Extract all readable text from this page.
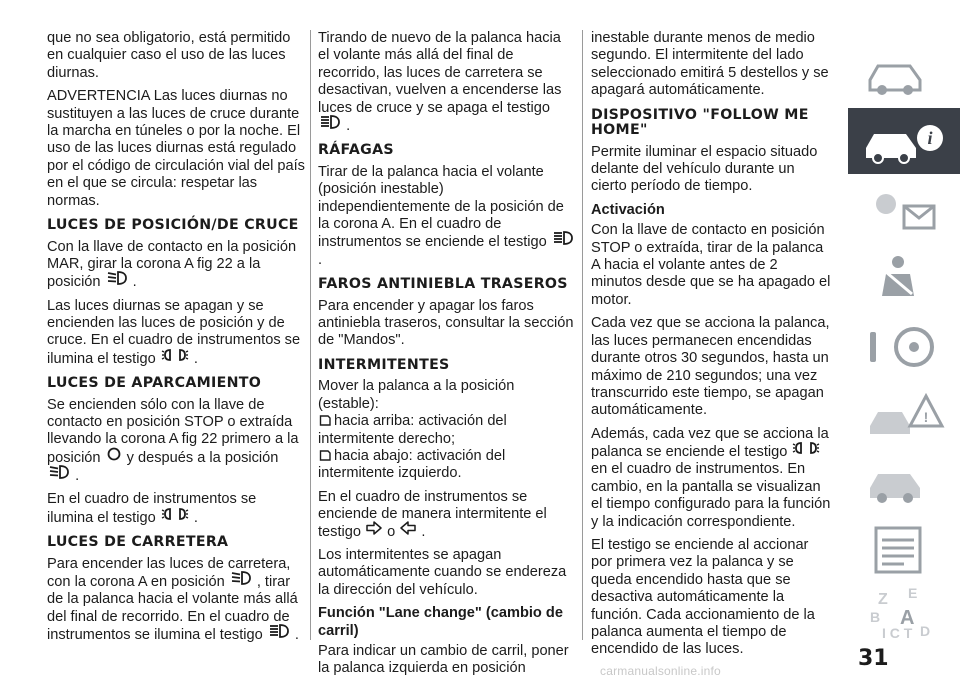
que no sea obligatorio, está permitido en cualquier caso el uso de las luces diurnas.

ADVERTENCIA Las luces diurnas no sustituyen a las luces de cruce durante la marcha en túneles o por la noche. El uso de las luces diurnas está regulado por el código de circulación vial del país en el que se circula: respetar las normas.

LUCES DE POSICIÓN/DE CRUCE

Con la llave de contacto en la posición MAR, girar la corona A fig 22 a la posición .

Las luces diurnas se apagan y se encienden las luces de posición y de cruce. En el cuadro de instrumentos se ilumina el testigo	.

LUCES DE APARCAMIENTO

Se encienden sólo con la llave de contacto en posición STOP o extraída llevando la corona A fig 22 primero a la posición y después a la posición
.

En el cuadro de instrumentos se ilumina el testigo	.

LUCES DE CARRETERA

Para encender las luces de carretera, con la corona A en posición , tirar de la palanca hacia el volante más allá del final de recorrido. En el cuadro de instrumentos se ilumina el testigo .

Tirando de nuevo de la palanca hacia el volante más allá del final de recorrido, las luces de carretera se desactivan, vuelven a encenderse las luces de cruce y se apaga el testigo
.

RÁFAGAS

Tirar de la palanca hacia el volante (posición inestable) independientemente de la posición de la corona A. En el cuadro de instrumentos se enciende el testigo
.

FAROS ANTINIEBLA TRASEROS

Para encender y apagar los faros antiniebla traseros, consultar la sección de "Mandos".

INTERMITENTES

Mover la palanca a la posición (estable):
hacia arriba: activación del intermitente derecho;
hacia abajo: activación del intermitente izquierdo.

En el cuadro de instrumentos se enciende de manera intermitente el testigo o .

Los intermitentes se apagan automáticamente cuando se endereza la dirección del vehículo.

Función "Lane change" (cambio de carril)

Para indicar un cambio de carril, poner la palanca izquierda en posición

inestable durante menos de medio segundo. El intermitente del lado seleccionado emitirá 5 destellos y se apagará automáticamente.

DISPOSITIVO "FOLLOW ME HOME"

Permite iluminar el espacio situado delante del vehículo durante un cierto período de tiempo.

Activación

Con la llave de contacto en posición STOP o extraída, tirar de la palanca A hacia el volante antes de 2 minutos desde que se ha apagado el motor.

Cada vez que se acciona la palanca, las luces permanecen encendidas durante otros 30 segundos, hasta un máximo de 210 segundos; una vez transcurrido este tiempo, se apagan automáticamente.

Además, cada vez que se acciona la palanca se enciende el testigo
en el cuadro de instrumentos. En cambio, en la pantalla se visualizan el tiempo configurado para la función y la indicación correspondiente.

El testigo se enciende al accionar por primera vez la palanca y se queda encendido hasta que se desactiva automáticamente la función. Cada accionamiento de la palanca aumenta el tiempo de encendido de las luces.

i
!
Z E
B A
I C T D
31
carmanualsonline.info
